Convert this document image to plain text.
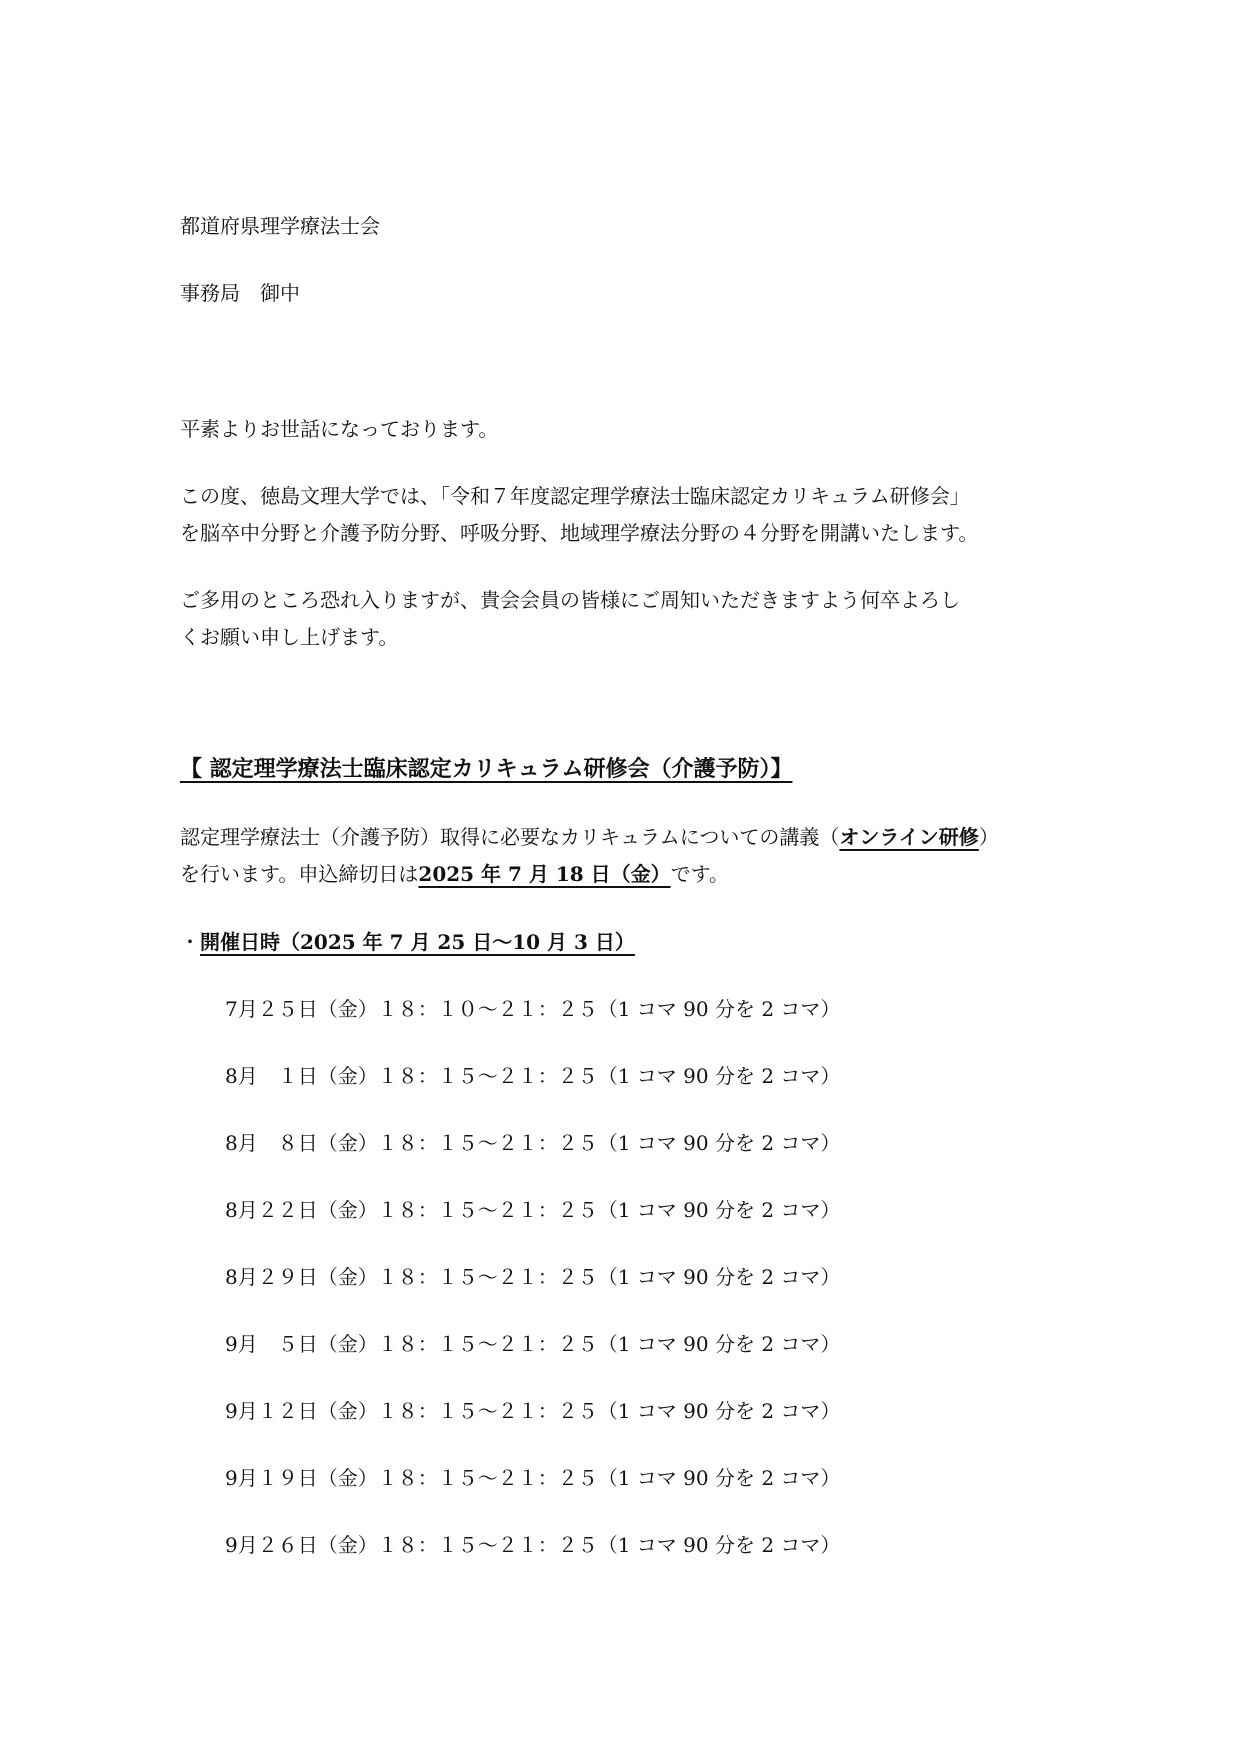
都道府県理学療法士会
事務局　御中
平素よりお世話になっております。
この度、徳島文理大学では、「令和７年度認定理学療法士臨床認定カリキュラム研修会」
を脳卒中分野と介護予防分野、呼吸分野、地域理学療法分野の４分野を開講いたします。
ご多用のところ恐れ入りますが、貴会会員の皆様にご周知いただきますよう何卒よろし
くお願い申し上げます。
【 認定理学療法士臨床認定カリキュラム研修会（介護予防）】
認定理学療法士（介護予防）取得に必要なカリキュラムについての講義（オンライン研修）
を行います。申込締切日は2025 年 7 月 18 日（金）です。
・開催日時（2025 年 7 月 25 日～10 月 3 日）
7月２５日（金）１８：１０～２１：２５（1 コマ 90 分を 2 コマ）
8月　１日（金）１８：１５～２１：２５（1 コマ 90 分を 2 コマ）
8月　８日（金）１８：１５～２１：２５（1 コマ 90 分を 2 コマ）
8月２２日（金）１８：１５～２１：２５（1 コマ 90 分を 2 コマ）
8月２９日（金）１８：１５～２１：２５（1 コマ 90 分を 2 コマ）
9月　５日（金）１８：１５～２１：２５（1 コマ 90 分を 2 コマ）
9月１２日（金）１８：１５～２１：２５（1 コマ 90 分を 2 コマ）
9月１９日（金）１８：１５～２１：２５（1 コマ 90 分を 2 コマ）
9月２６日（金）１８：１５～２１：２５（1 コマ 90 分を 2 コマ）
